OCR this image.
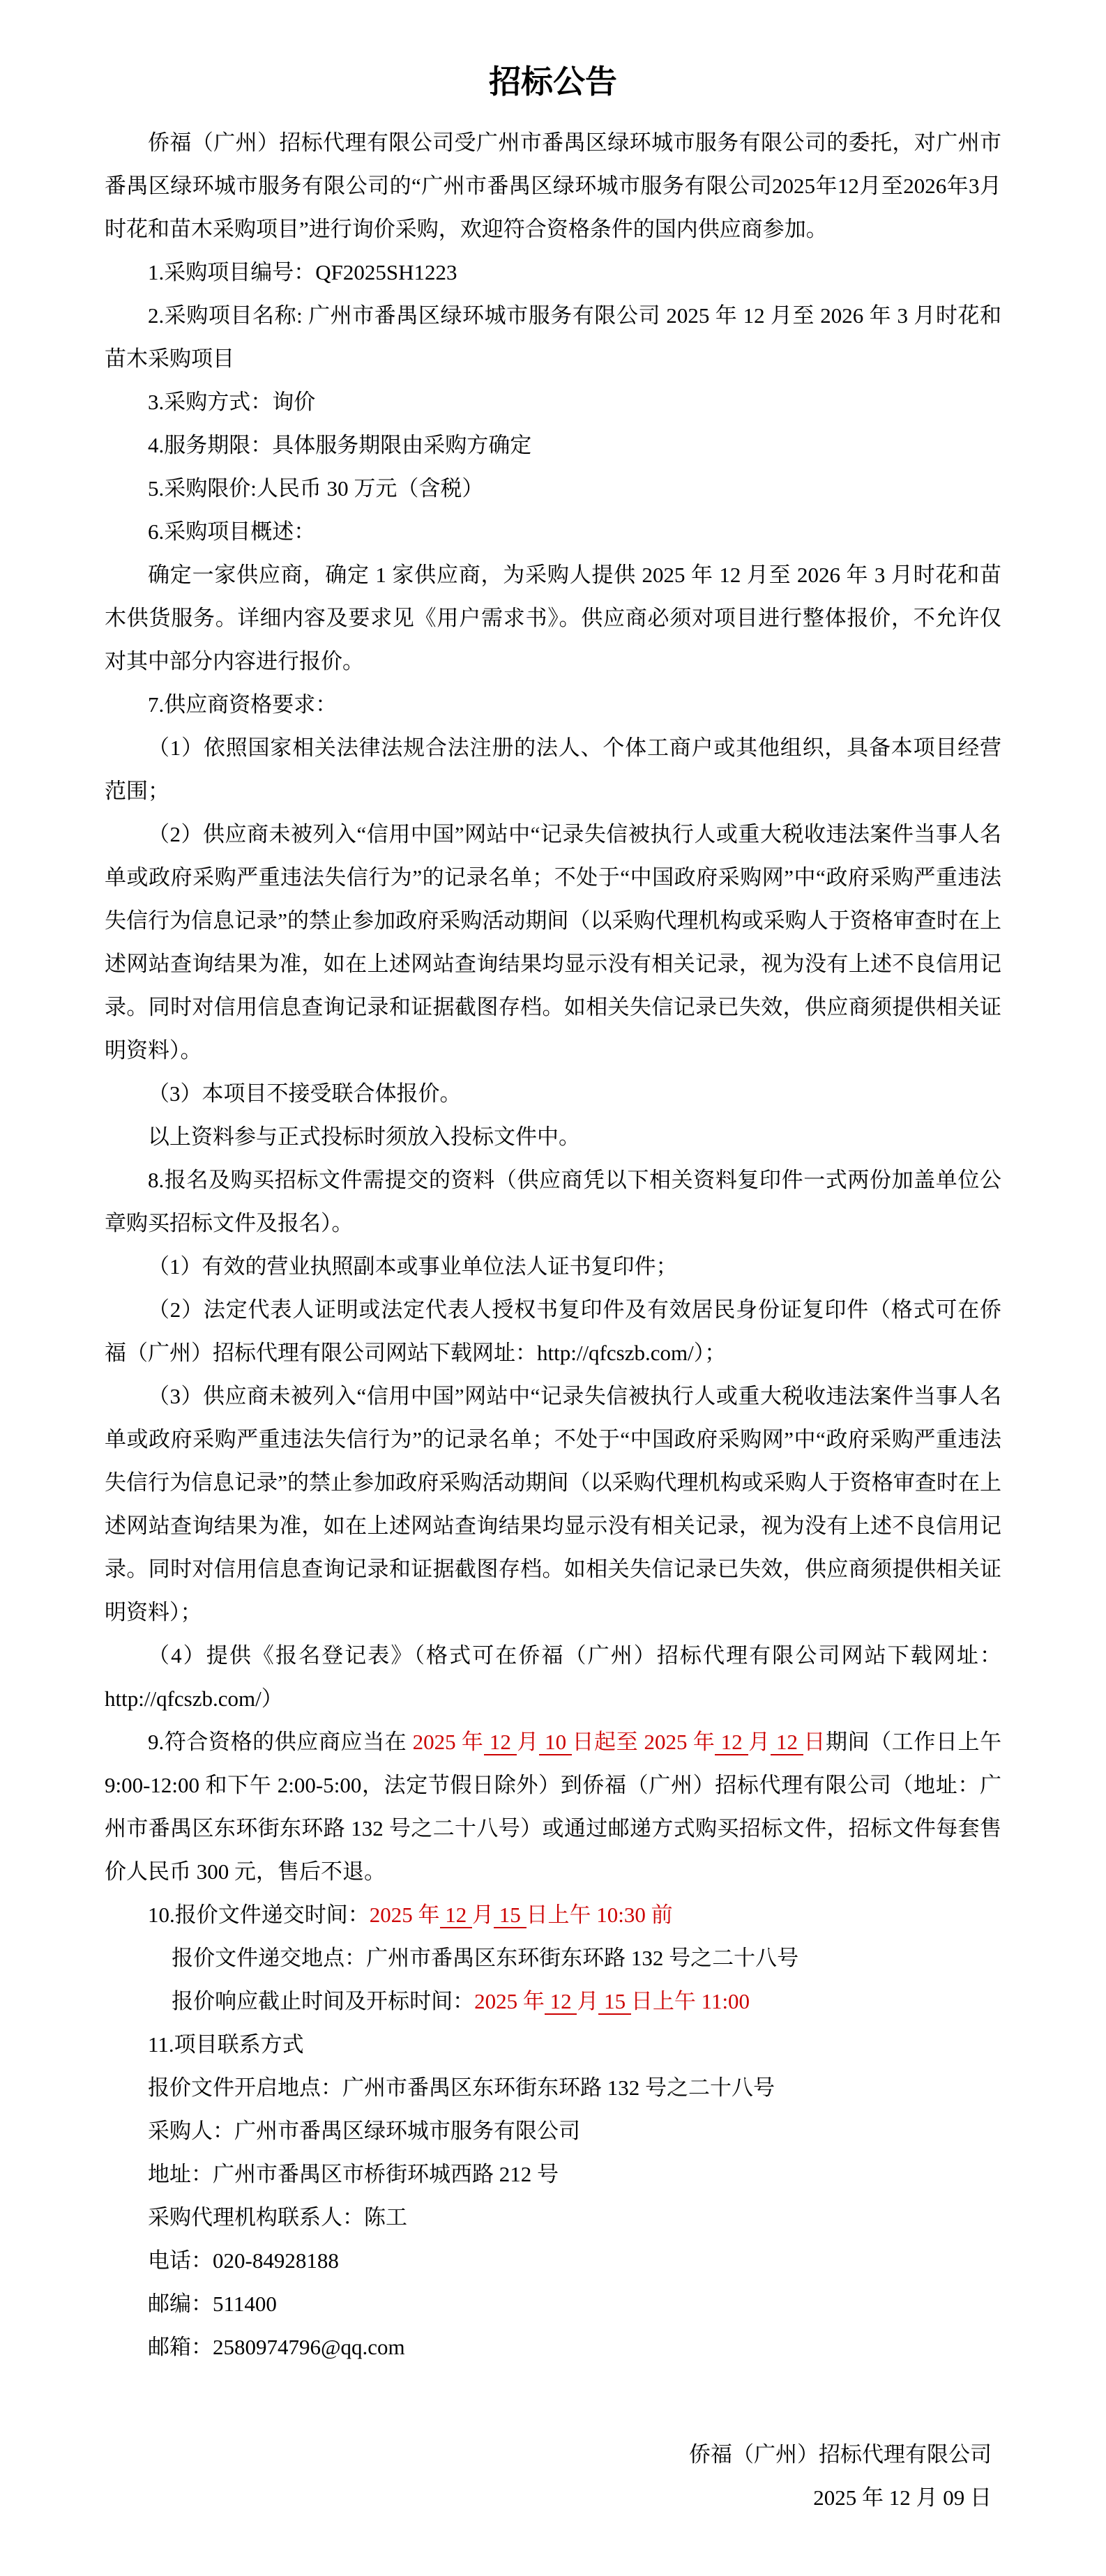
招标公告

侨福（广州）招标代理有限公司受广州市番禺区绿环城市服务有限公司的委托，对广州市番禺区绿环城市服务有限公司的“广州市番禺区绿环城市服务有限公司2025年12月至2026年3月时花和苗木采购项目”进行询价采购，欢迎符合资格条件的国内供应商参加。

1.采购项目编号：QF2025SH1223

2.采购项目名称: 广州市番禺区绿环城市服务有限公司 2025 年 12 月至 2026 年 3 月时花和苗木采购项目

3.采购方式：询价

4.服务期限：具体服务期限由采购方确定

5.采购限价:人民币 30 万元（含税）

6.采购项目概述：

确定一家供应商，确定 1 家供应商，为采购人提供 2025 年 12 月至 2026 年 3 月时花和苗木供货服务。详细内容及要求见《用户需求书》。供应商必须对项目进行整体报价，不允许仅对其中部分内容进行报价。

7.供应商资格要求：

（1）依照国家相关法律法规合法注册的法人、个体工商户或其他组织，具备本项目经营范围；

（2）供应商未被列入“信用中国”网站中“记录失信被执行人或重大税收违法案件当事人名单或政府采购严重违法失信行为”的记录名单；不处于“中国政府采购网”中“政府采购严重违法失信行为信息记录”的禁止参加政府采购活动期间（以采购代理机构或采购人于资格审查时在上述网站查询结果为准，如在上述网站查询结果均显示没有相关记录，视为没有上述不良信用记录。同时对信用信息查询记录和证据截图存档。如相关失信记录已失效，供应商须提供相关证明资料）。

（3）本项目不接受联合体报价。

以上资料参与正式投标时须放入投标文件中。

8.报名及购买招标文件需提交的资料（供应商凭以下相关资料复印件一式两份加盖单位公章购买招标文件及报名）。

（1）有效的营业执照副本或事业单位法人证书复印件；

（2）法定代表人证明或法定代表人授权书复印件及有效居民身份证复印件（格式可在侨福（广州）招标代理有限公司网站下载网址：http://qfcszb.com/）；

（3）供应商未被列入“信用中国”网站中“记录失信被执行人或重大税收违法案件当事人名单或政府采购严重违法失信行为”的记录名单；不处于“中国政府采购网”中“政府采购严重违法失信行为信息记录”的禁止参加政府采购活动期间（以采购代理机构或采购人于资格审查时在上述网站查询结果为准，如在上述网站查询结果均显示没有相关记录，视为没有上述不良信用记录。同时对信用信息查询记录和证据截图存档。如相关失信记录已失效，供应商须提供相关证明资料）；

（4）提供《报名登记表》（格式可在侨福（广州）招标代理有限公司网站下载网址：http://qfcszb.com/）

9.符合资格的供应商应当在 2025 年 12 月 10 日起至 2025 年 12 月 12 日期间（工作日上午 9:00-12:00 和下午 2:00-5:00，法定节假日除外）到侨福（广州）招标代理有限公司（地址：广州市番禺区东环街东环路 132 号之二十八号）或通过邮递方式购买招标文件，招标文件每套售价人民币 300 元，售后不退。

10.报价文件递交时间：2025 年 12 月 15 日上午 10:30 前

报价文件递交地点：广州市番禺区东环街东环路 132 号之二十八号

报价响应截止时间及开标时间：2025 年 12 月 15 日上午 11:00

11.项目联系方式

报价文件开启地点：广州市番禺区东环街东环路 132 号之二十八号

采购人：广州市番禺区绿环城市服务有限公司

地址：广州市番禺区市桥街环城西路 212 号

采购代理机构联系人：陈工

电话：020-84928188

邮编：511400

邮箱：2580974796@qq.com

侨福（广州）招标代理有限公司

2025 年 12 月 09 日
